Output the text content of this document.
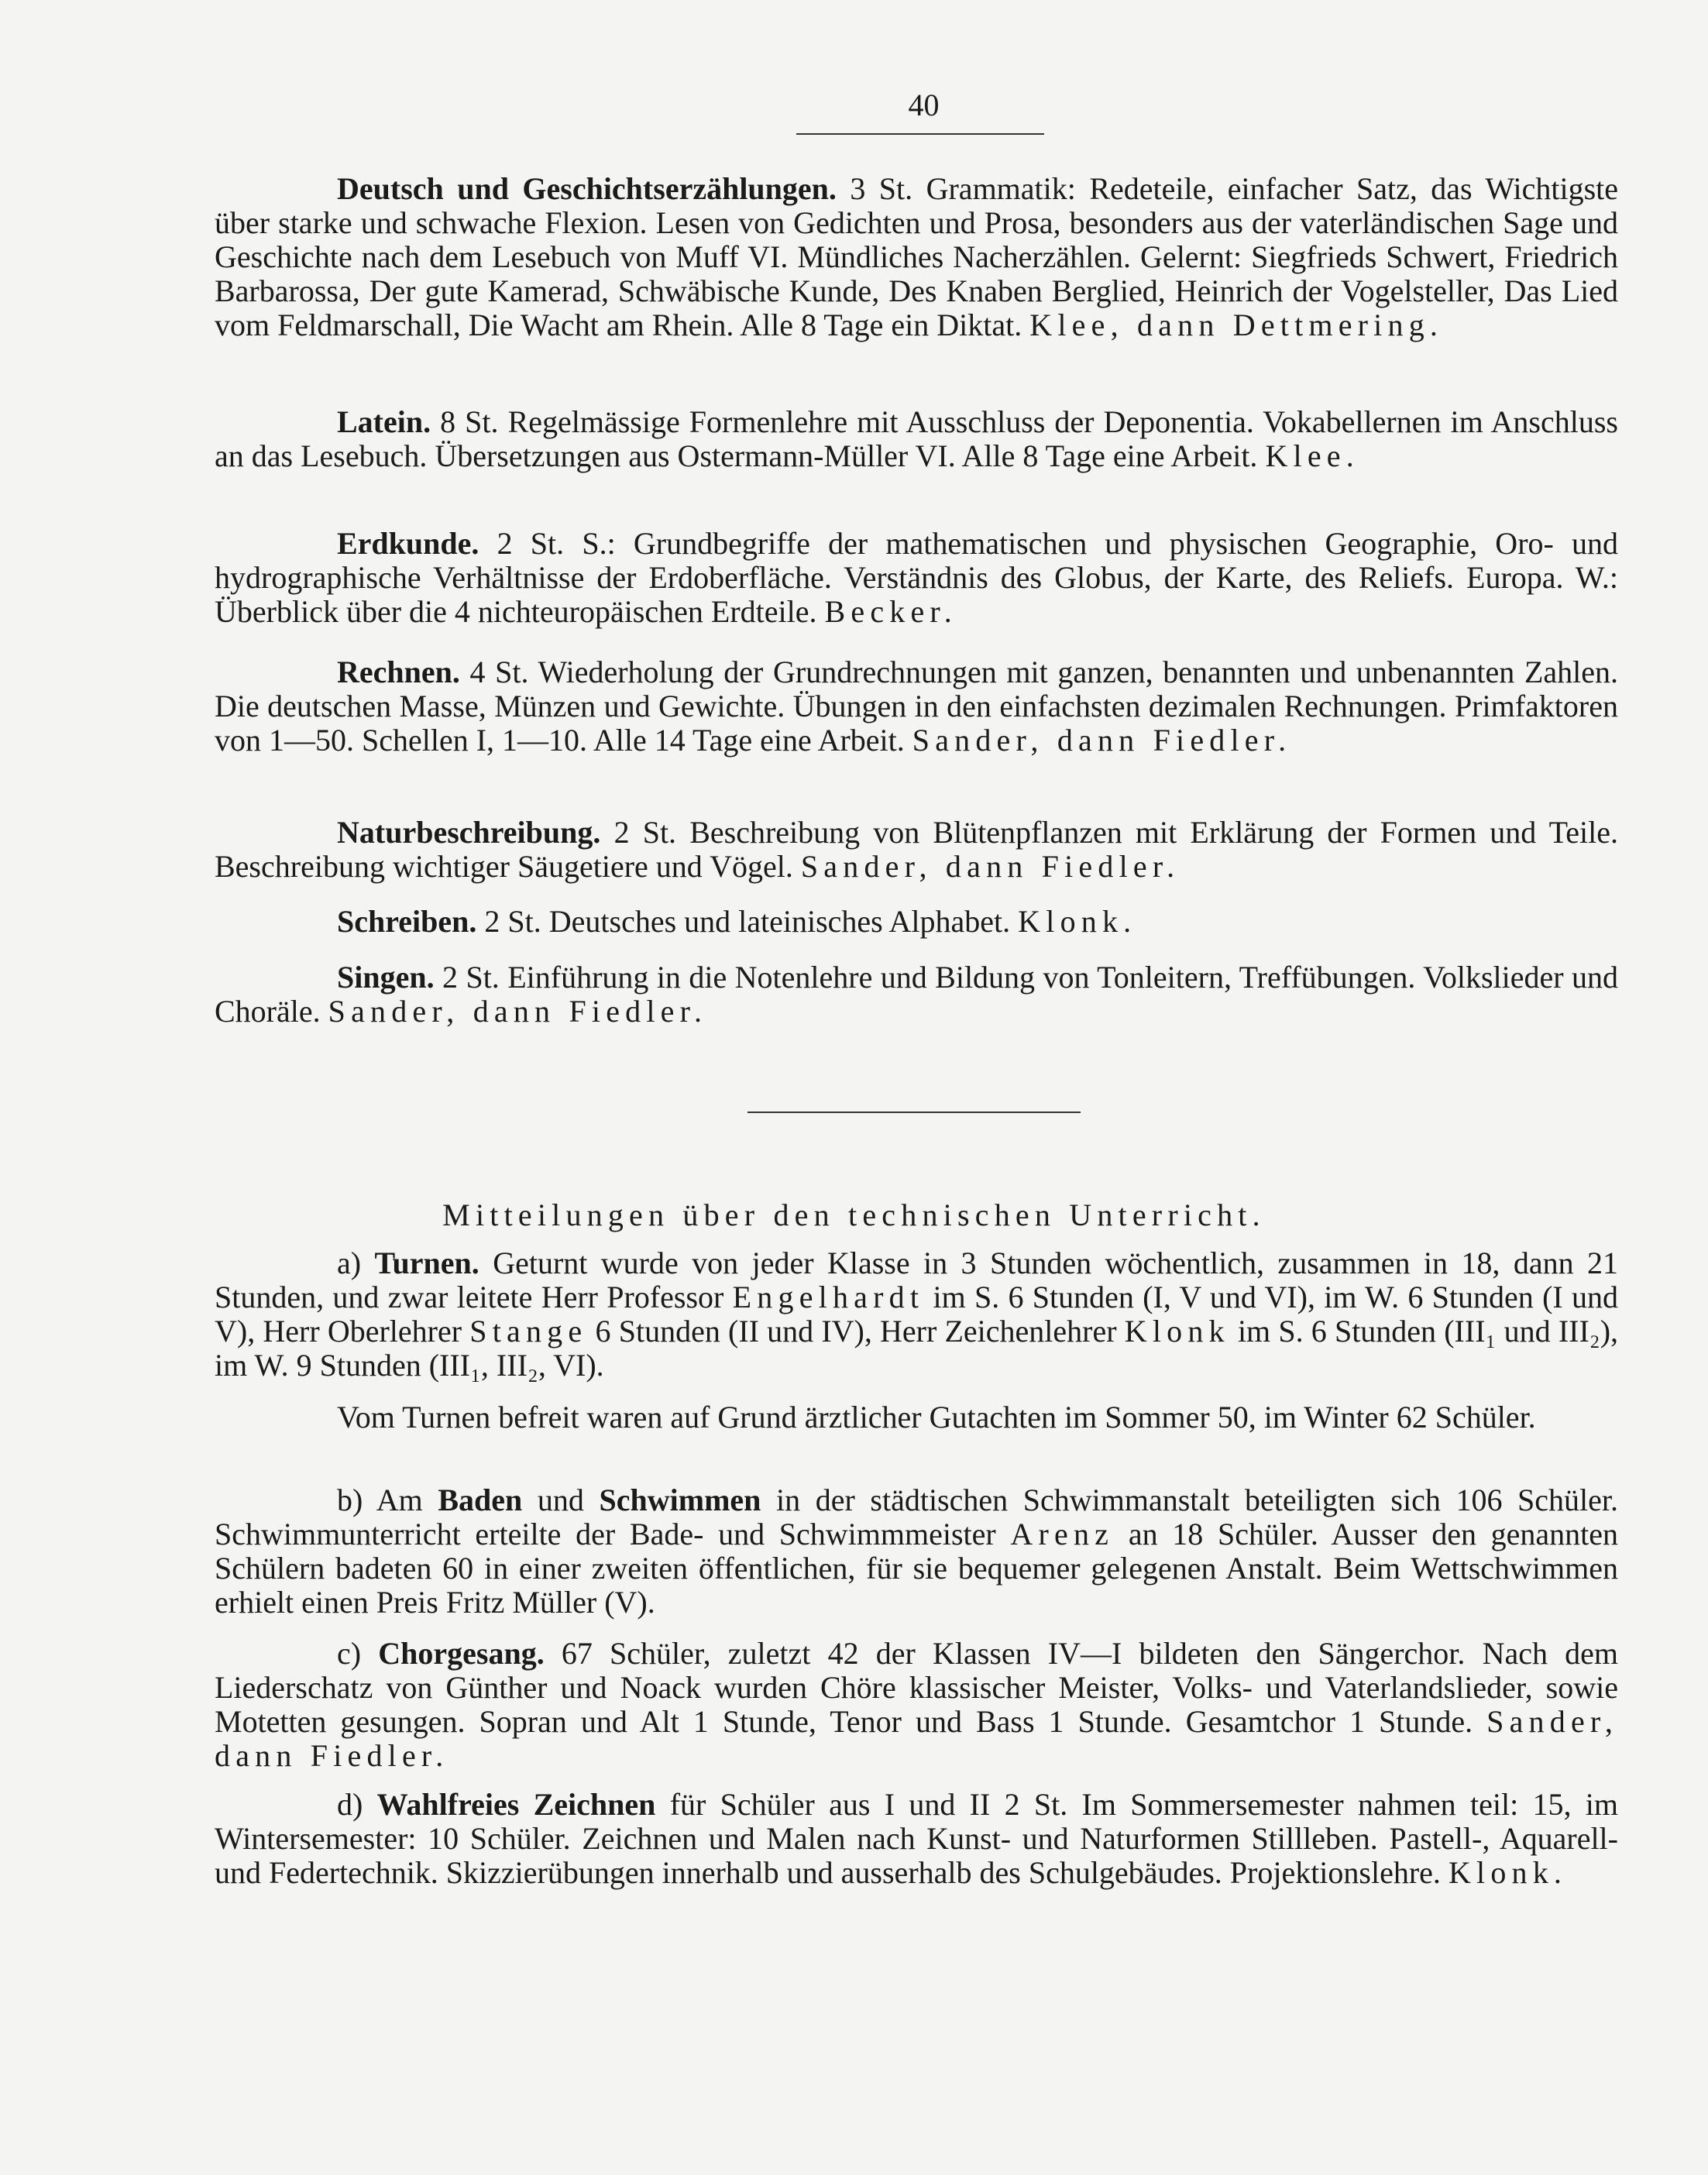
40

Deutsch und Geschichtserzählungen. 3 St. Grammatik: Redeteile, einfacher Satz, das Wichtigste über starke und schwache Flexion. Lesen von Gedichten und Prosa, besonders aus der vaterländischen Sage und Geschichte nach dem Lesebuch von Muff VI. Mündliches Nacherzählen. Gelernt: Siegfrieds Schwert, Friedrich Barbarossa, Der gute Kamerad, Schwäbische Kunde, Des Knaben Berglied, Heinrich der Vogelsteller, Das Lied vom Feldmarschall, Die Wacht am Rhein. Alle 8 Tage ein Diktat. Klee, dann Dettmering.

Latein. 8 St. Regelmässige Formenlehre mit Ausschluss der Deponentia. Vokabellernen im Anschluss an das Lesebuch. Übersetzungen aus Ostermann-Müller VI. Alle 8 Tage eine Arbeit. Klee.

Erdkunde. 2 St. S.: Grundbegriffe der mathematischen und physischen Geographie, Oro- und hydrographische Verhältnisse der Erdoberfläche. Verständnis des Globus, der Karte, des Reliefs. Europa. W.: Überblick über die 4 nichteuropäischen Erdteile. Becker.

Rechnen. 4 St. Wiederholung der Grundrechnungen mit ganzen, benannten und unbenannten Zahlen. Die deutschen Masse, Münzen und Gewichte. Übungen in den einfachsten dezimalen Rechnungen. Primfaktoren von 1—50. Schellen I, 1—10. Alle 14 Tage eine Arbeit. Sander, dann Fiedler.

Naturbeschreibung. 2 St. Beschreibung von Blütenpflanzen mit Erklärung der Formen und Teile. Beschreibung wichtiger Säugetiere und Vögel. Sander, dann Fiedler.

Schreiben. 2 St. Deutsches und lateinisches Alphabet. Klonk.

Singen. 2 St. Einführung in die Notenlehre und Bildung von Tonleitern, Treffübungen. Volkslieder und Choräle. Sander, dann Fiedler.

Mitteilungen über den technischen Unterricht.

a) Turnen. Geturnt wurde von jeder Klasse in 3 Stunden wöchentlich, zusammen in 18, dann 21 Stunden, und zwar leitete Herr Professor Engelhardt im S. 6 Stunden (I, V und VI), im W. 6 Stunden (I und V), Herr Oberlehrer Stange 6 Stunden (II und IV), Herr Zeichenlehrer Klonk im S. 6 Stunden (III₁ und III₂), im W. 9 Stunden (III₁, III₂, VI).

Vom Turnen befreit waren auf Grund ärztlicher Gutachten im Sommer 50, im Winter 62 Schüler.

b) Am Baden und Schwimmen in der städtischen Schwimmanstalt beteiligten sich 106 Schüler. Schwimmunterricht erteilte der Bade- und Schwimmmeister Arenz an 18 Schüler. Ausser den genannten Schülern badeten 60 in einer zweiten öffentlichen, für sie bequemer gelegenen Anstalt. Beim Wettschwimmen erhielt einen Preis Fritz Müller (V).

c) Chorgesang. 67 Schüler, zuletzt 42 der Klassen IV—I bildeten den Sängerchor. Nach dem Liederschatz von Günther und Noack wurden Chöre klassischer Meister, Volks- und Vaterlandslieder, sowie Motetten gesungen. Sopran und Alt 1 Stunde, Tenor und Bass 1 Stunde. Gesamtchor 1 Stunde. Sander, dann Fiedler.

d) Wahlfreies Zeichnen für Schüler aus I und II 2 St. Im Sommersemester nahmen teil: 15, im Wintersemester: 10 Schüler. Zeichnen und Malen nach Kunst- und Naturformen Stillleben. Pastell-, Aquarell- und Federtechnik. Skizzierübungen innerhalb und ausserhalb des Schulgebäudes. Projektionslehre. Klonk.
